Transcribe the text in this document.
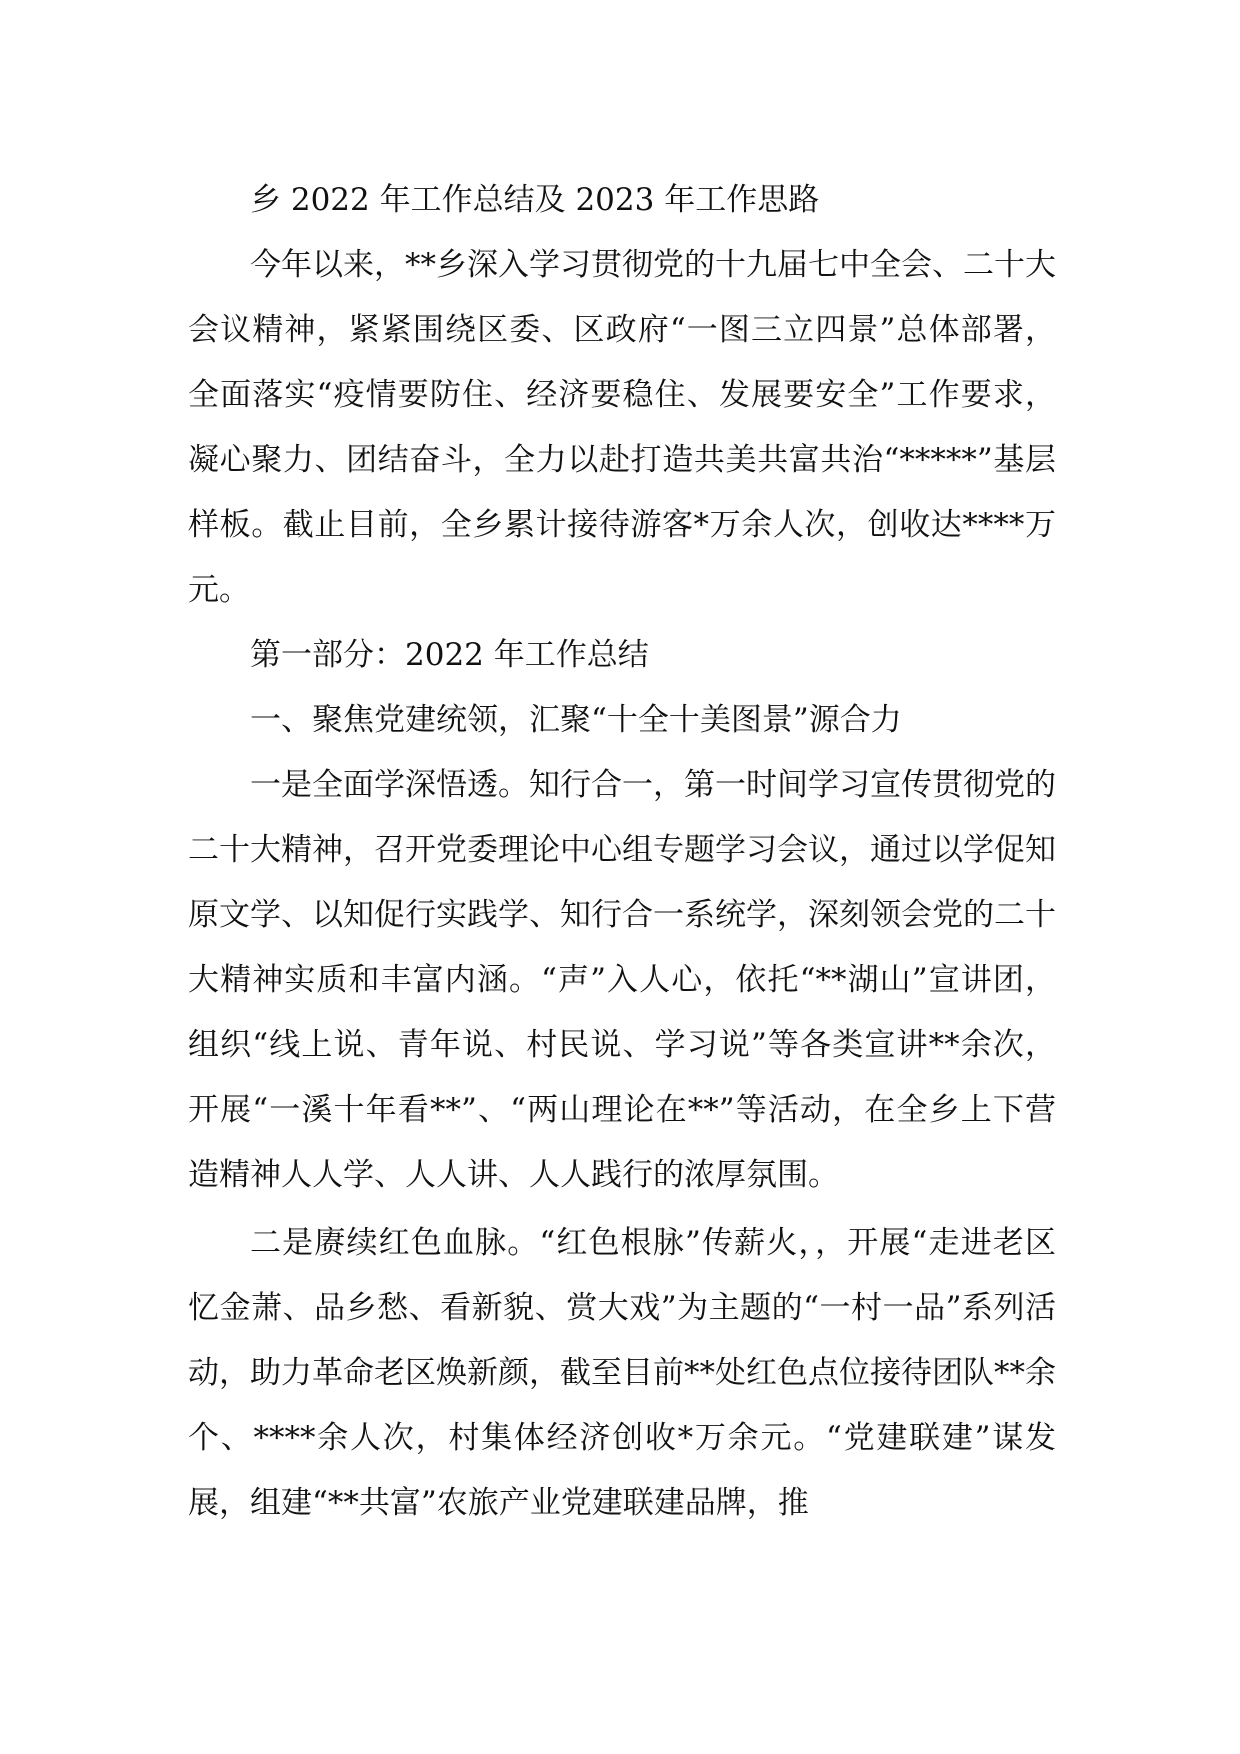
乡 2022 年工作总结及 2023 年工作思路

今年以来，**乡深入学习贯彻党的十九届七中全会、二十大会议精神，紧紧围绕区委、区政府“一图三立四景”总体部署，全面落实“疫情要防住、经济要稳住、发展要安全”工作要求，凝心聚力、团结奋斗，全力以赴打造共美共富共治“*****”基层样板。截止目前，全乡累计接待游客*万余人次，创收达****万元。

第一部分：2022 年工作总结

一、聚焦党建统领，汇聚“十全十美图景”源合力

一是全面学深悟透。知行合一，第一时间学习宣传贯彻党的二十大精神，召开党委理论中心组专题学习会议，通过以学促知原文学、以知促行实践学、知行合一系统学，深刻领会党的二十大精神实质和丰富内涵。“声”入人心，依托“**湖山”宣讲团，组织“线上说、青年说、村民说、学习说”等各类宣讲**余次，开展“一溪十年看**”、“两山理论在**”等活动，在全乡上下营造精神人人学、人人讲、人人践行的浓厚氛围。

二是赓续红色血脉。“红色根脉”传薪火，，开展“走进老区忆金萧、品乡愁、看新貌、赏大戏”为主题的“一村一品”系列活动，助力革命老区焕新颜，截至目前**处红色点位接待团队**余个、****余人次，村集体经济创收*万余元。“党建联建”谋发展，组建“**共富”农旅产业党建联建品牌，推
